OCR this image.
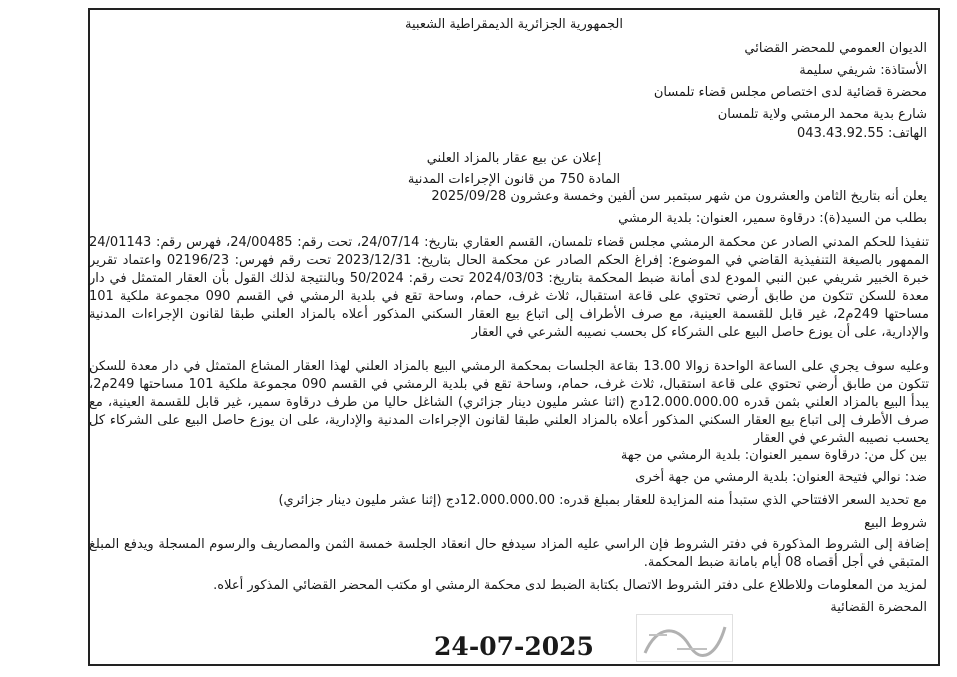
الجمهورية الجزائرية الديمقراطية الشعبية
الديوان العمومي للمحضر القضائي
الأستاذة: شريفي سليمة
محضرة قضائية لدى اختصاص مجلس قضاء تلمسان
شارع بدية محمد الرمشي ولاية تلمسان
الهاتف: 043.43.92.55
إعلان عن بيع عقار بالمزاد العلني
المادة 750 من قانون الإجراءات المدنية
يعلن أنه بتاريخ الثامن والعشرون من شهر سبتمبر سن ألفين وخمسة وعشرون 2025/09/28
بطلب من السيد(ة): درقاوة سمير، العنوان: بلدية الرمشي
تنفيذا للحكم المدني الصادر عن محكمة الرمشي مجلس قضاء تلمسان، القسم العقاري بتاريخ: 24/07/14، تحت رقم: 24/00485، فهرس رقم: 24/01143 الممهور بالصيغة التنفيذية القاضي في الموضوع: إفراغ الحكم الصادر عن محكمة الحال بتاريخ: 2023/12/31 تحت رقم فهرس: 02196/23 واعتماد تقرير خبرة الخبير شريفي عبن النبي المودع لدى أمانة ضبط المحكمة بتاريخ: 2024/03/03 تحت رقم: 50/2024 وبالنتيجة لذلك القول بأن العقار المتمثل في دار معدة للسكن تتكون من طابق أرضي تحتوي على قاعة استقبال، ثلاث غرف، حمام، وساحة تقع في بلدية الرمشي في القسم 090 مجموعة ملكية 101 مساحتها 249م2، غير قابل للقسمة العينية، مع صرف الأطراف إلى اتباع بيع العقار السكني المذكور أعلاه بالمزاد العلني طبقا لقانون الإجراءات المدنية والإدارية، على أن يوزع حاصل البيع على الشركاء كل بحسب نصيبه الشرعي في العقار
وعليه سوف يجري على الساعة الواحدة زوالا 13.00 بقاعة الجلسات بمحكمة الرمشي البيع بالمزاد العلني لهذا العقار المشاع المتمثل في دار معدة للسكن تتكون من طابق أرضي تحتوي على قاعة استقبال، ثلاث غرف، حمام، وساحة تقع في بلدية الرمشي في القسم 090 مجموعة ملكية 101 مساحتها 249م2، يبدأ البيع بالمزاد العلني بثمن قدره 12.000.000.00دج (اثنا عشر مليون دينار جزائري) الشاغل حاليا من طرف درقاوة سمير، غير قابل للقسمة العينية، مع صرف الأطرف إلى اتباع بيع العقار السكني المذكور أعلاه بالمزاد العلني طبقا لقانون الإجراءات المدنية والإدارية، على ان يوزع حاصل البيع على الشركاء كل يحسب نصيبه الشرعي في العقار
بين كل من: درقاوة سمير العنوان: بلدية الرمشي من جهة
ضد: نوالي فتيحة العنوان: بلدية الرمشي من جهة أخرى
مع تحديد السعر الافتتاحي الذي ستبدأ منه المزايدة للعقار بمبلغ قدره: 12.000.000.00دج (إثنا عشر مليون دينار جزائري)
شروط البيع
إضافة إلى الشروط المذكورة في دفتر الشروط فإن الراسي عليه المزاد سيدفع حال انعقاد الجلسة خمسة الثمن والمصاريف والرسوم المسجلة ويدفع المبلغ المتبقي في أجل أقصاه 08 أيام بامانة ضبط المحكمة.
لمزيد من المعلومات وللاطلاع على دفتر الشروط الاتصال بكتابة الضبط لدى محكمة الرمشي او مكتب المحضر القضائي المذكور أعلاه.
المحضرة القضائية
24-07-2025
